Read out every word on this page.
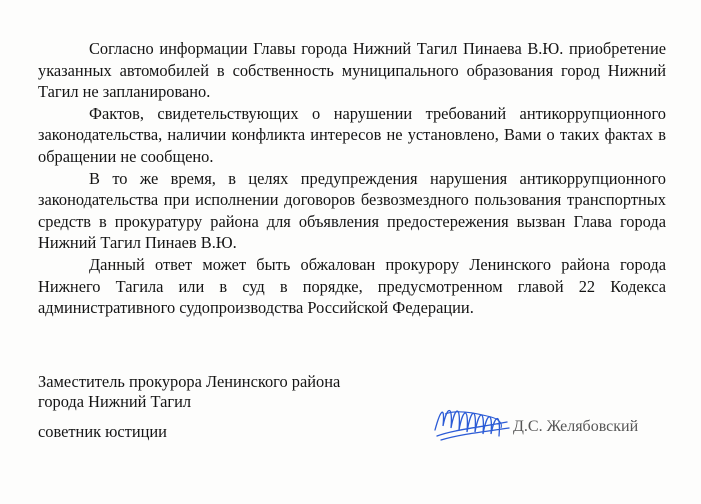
Согласно информации Главы города Нижний Тагил Пинаева В.Ю. приобретение указанных автомобилей в собственность муниципального образования город Нижний Тагил не запланировано.

Фактов, свидетельствующих о нарушении требований антикоррупционного законодательства, наличии конфликта интересов не установлено, Вами о таких фактах в обращении не сообщено.

В то же время, в целях предупреждения нарушения антикоррупционного законодательства при исполнении договоров безвозмездного пользования транспортных средств в прокуратуру района для объявления предостережения вызван Глава города Нижний Тагил Пинаев В.Ю.

Данный ответ может быть обжалован прокурору Ленинского района города Нижнего Тагила или в суд в порядке, предусмотренном главой 22 Кодекса административного судопроизводства Российской Федерации.

Заместитель прокурора Ленинского района
города Нижний Тагил
советник юстиции	Д.С. Желябовский
